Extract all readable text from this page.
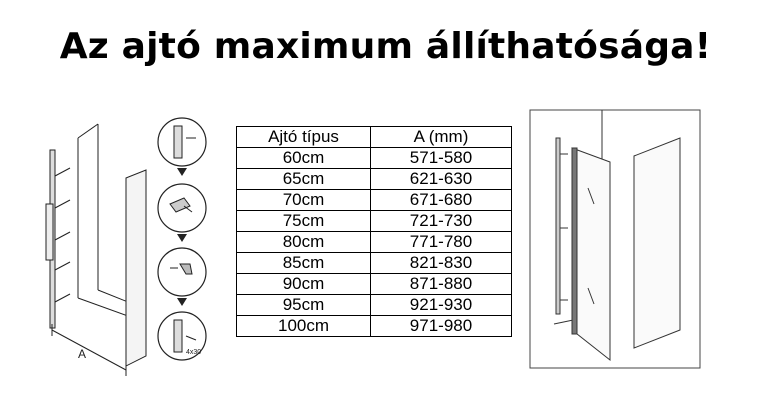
Az ajtó maximum állíthatósága!
A	4x30
Ajtó típus	A (mm)
60cm	571-580
65cm	621-630
70cm	671-680
75cm	721-730
80cm	771-780
85cm	821-830
90cm	871-880
95cm	921-930
100cm	971-980
